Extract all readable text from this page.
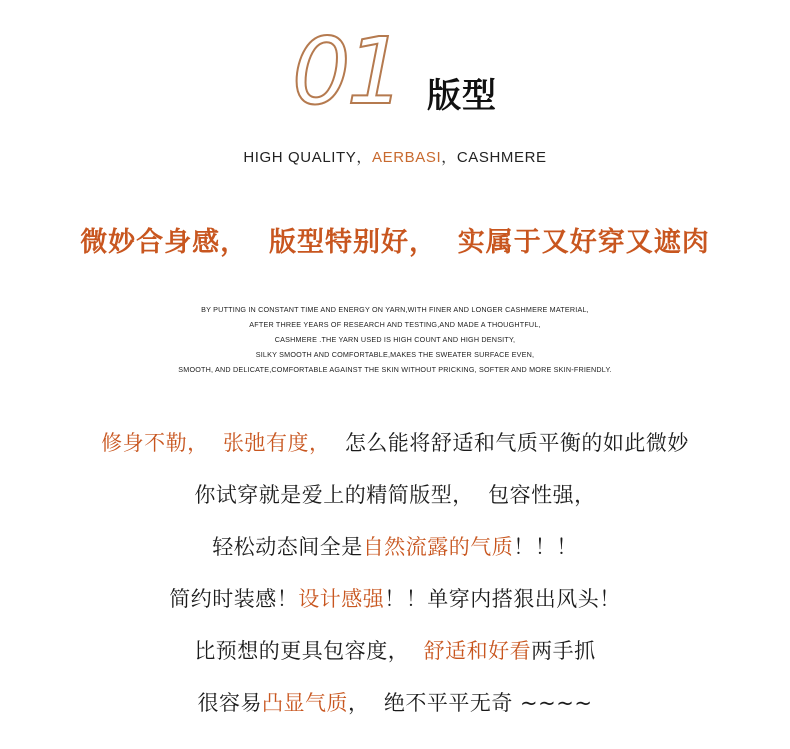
01 版型
HIGH QUALITY，AERBASI，CASHMERE
微妙合身感，  版型特别好，  实属于又好穿又遮肉
BY PUTTING IN CONSTANT TIME AND ENERGY ON YARN,WITH FINER AND LONGER CASHMERE MATERIAL,
AFTER THREE YEARS OF RESEARCH AND TESTING,AND MADE A THOUGHTFUL,
CASHMERE .THE YARN USED IS HIGH COUNT AND HIGH DENSITY,
SILKY SMOOTH AND COMFORTABLE,MAKES THE SWEATER SURFACE EVEN,
SMOOTH, AND DELICATE,COMFORTABLE AGAINST THE SKIN WITHOUT PRICKING, SOFTER AND MORE SKIN-FRIENDLY.
修身不勒，  张弛有度，  怎么能将舒适和气质平衡的如此微妙
你试穿就是爱上的精简版型，  包容性强，
轻松动态间全是自然流露的气质！！！
简约时装感！设计感强！！单穿内搭狠出风头！
比预想的更具包容度，  舒适和好看两手抓
很容易凸显气质，  绝不平平无奇 ~~~~
